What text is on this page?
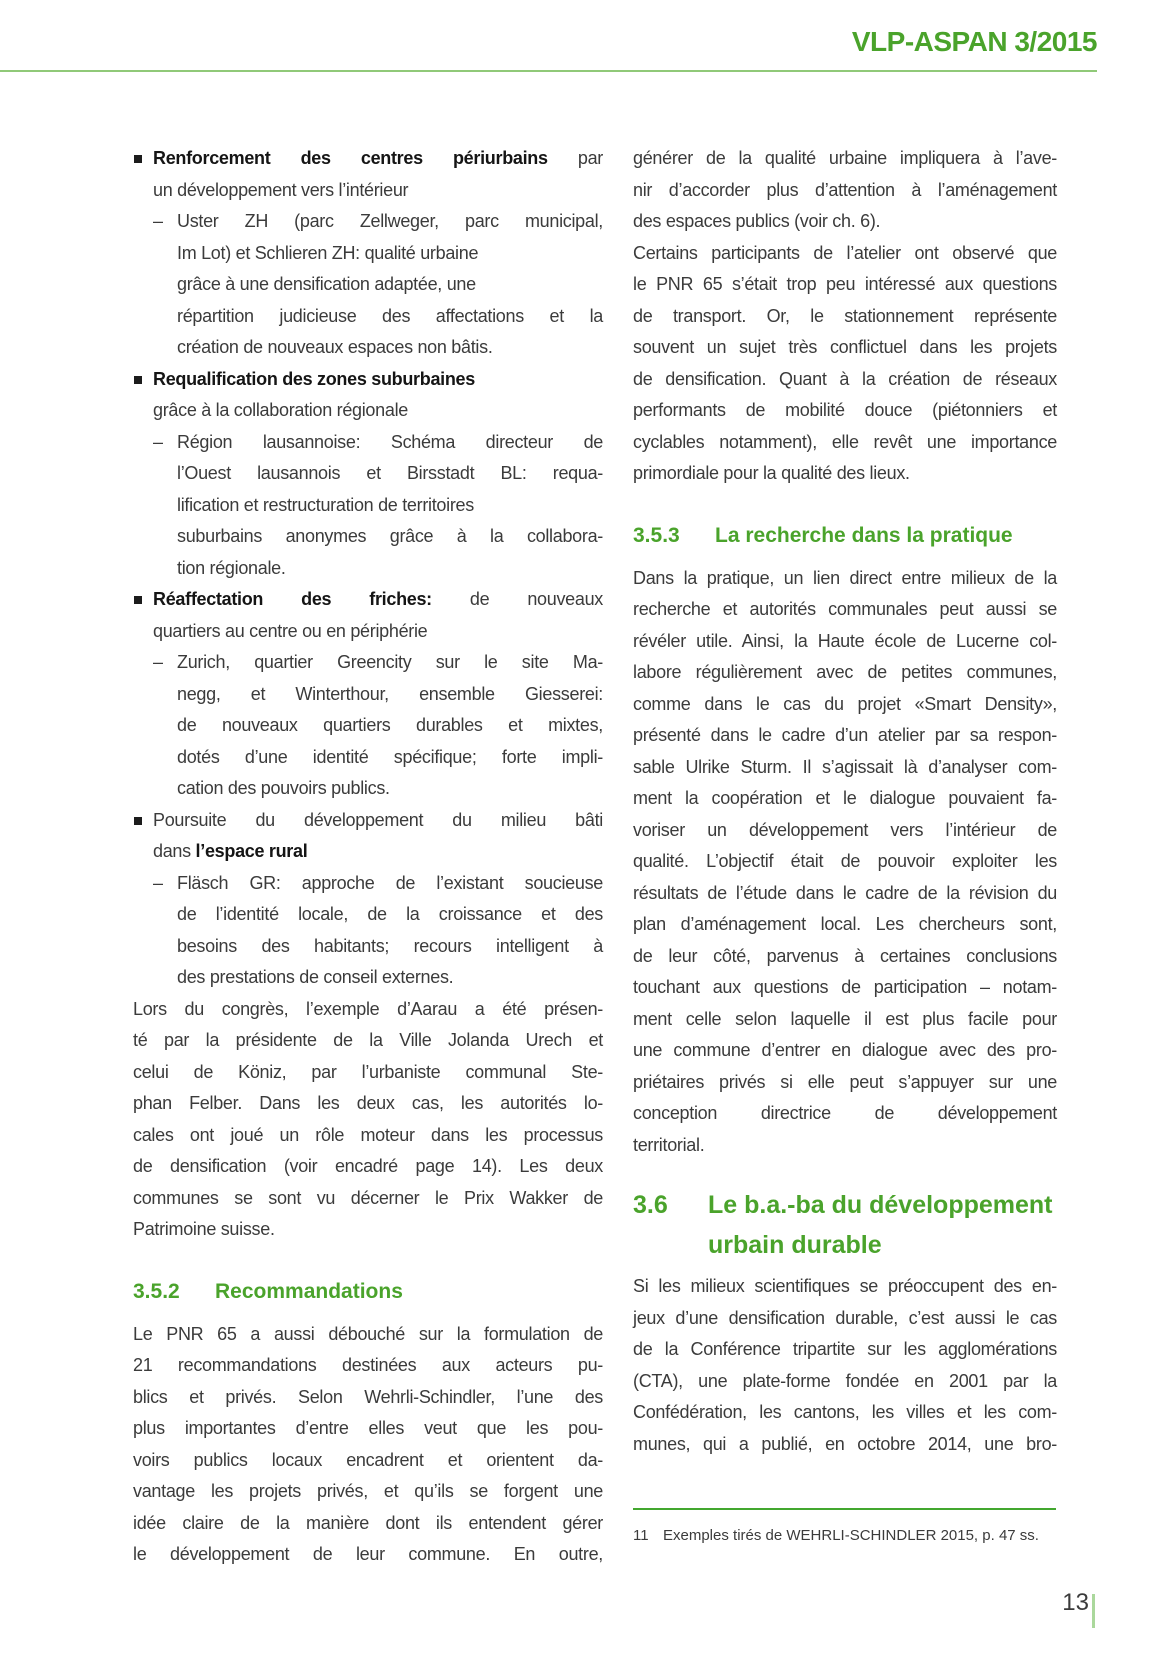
VLP-ASPAN 3/2015
Renforcement des centres périurbains par
un développement vers l’intérieur
– Uster ZH (parc Zellweger, parc municipal,
Im Lot) et Schlieren ZH: qualité urbaine
grâce à une densification adaptée, une
répartition judicieuse des affectations et la
création de nouveaux espaces non bâtis.
Requalification des zones suburbaines
grâce à la collaboration régionale
– Région lausannoise: Schéma directeur de
l’Ouest lausannois et Birsstadt BL: requa-
lification et restructuration de territoires
suburbains anonymes grâce à la collabora-
tion régionale.
Réaffectation des friches: de nouveaux
quartiers au centre ou en périphérie
– Zurich, quartier Greencity sur le site Ma-
negg, et Winterthour, ensemble Giesserei:
de nouveaux quartiers durables et mixtes,
dotés d’une identité spécifique; forte impli-
cation des pouvoirs publics.
Poursuite du développement du milieu bâti
dans l’espace rural
– Fläsch GR: approche de l’existant soucieuse
de l’identité locale, de la croissance et des
besoins des habitants; recours intelligent à
des prestations de conseil externes.
Lors du congrès, l’exemple d’Aarau a été présen-
té par la présidente de la Ville Jolanda Urech et
celui de Köniz, par l’urbaniste communal Ste-
phan Felber. Dans les deux cas, les autorités lo-
cales ont joué un rôle moteur dans les processus
de densification (voir encadré page 14). Les deux
communes se sont vu décerner le Prix Wakker de
Patrimoine suisse.
3.5.2 Recommandations
Le PNR 65 a aussi débouché sur la formulation de
21 recommandations destinées aux acteurs pu-
blics et privés. Selon Wehrli-Schindler, l’une des
plus importantes d’entre elles veut que les pou-
voirs publics locaux encadrent et orientent da-
vantage les projets privés, et qu’ils se forgent une
idée claire de la manière dont ils entendent gérer
le développement de leur commune. En outre,
générer de la qualité urbaine impliquera à l’ave-
nir d’accorder plus d’attention à l’aménagement
des espaces publics (voir ch. 6).
Certains participants de l’atelier ont observé que
le PNR 65 s’était trop peu intéressé aux questions
de transport. Or, le stationnement représente
souvent un sujet très conflictuel dans les projets
de densification. Quant à la création de réseaux
performants de mobilité douce (piétonniers et
cyclables notamment), elle revêt une importance
primordiale pour la qualité des lieux.
3.5.3 La recherche dans la pratique
Dans la pratique, un lien direct entre milieux de la
recherche et autorités communales peut aussi se
révéler utile. Ainsi, la Haute école de Lucerne col-
labore régulièrement avec de petites communes,
comme dans le cas du projet «Smart Density»,
présenté dans le cadre d’un atelier par sa respon-
sable Ulrike Sturm. Il s’agissait là d’analyser com-
ment la coopération et le dialogue pouvaient fa-
voriser un développement vers l’intérieur de
qualité. L’objectif était de pouvoir exploiter les
résultats de l’étude dans le cadre de la révision du
plan d’aménagement local. Les chercheurs sont,
de leur côté, parvenus à certaines conclusions
touchant aux questions de participation – notam-
ment celle selon laquelle il est plus facile pour
une commune d’entrer en dialogue avec des pro-
priétaires privés si elle peut s’appuyer sur une
conception directrice de développement
territorial.
3.6 Le b.a.-ba du développement
urbain durable
Si les milieux scientifiques se préoccupent des en-
jeux d’une densification durable, c’est aussi le cas
de la Conférence tripartite sur les agglomérations
(CTA), une plate-forme fondée en 2001 par la
Confédération, les cantons, les villes et les com-
munes, qui a publié, en octobre 2014, une bro-
11 Exemples tirés de WEHRLI-SCHINDLER 2015, p. 47 ss.
13
